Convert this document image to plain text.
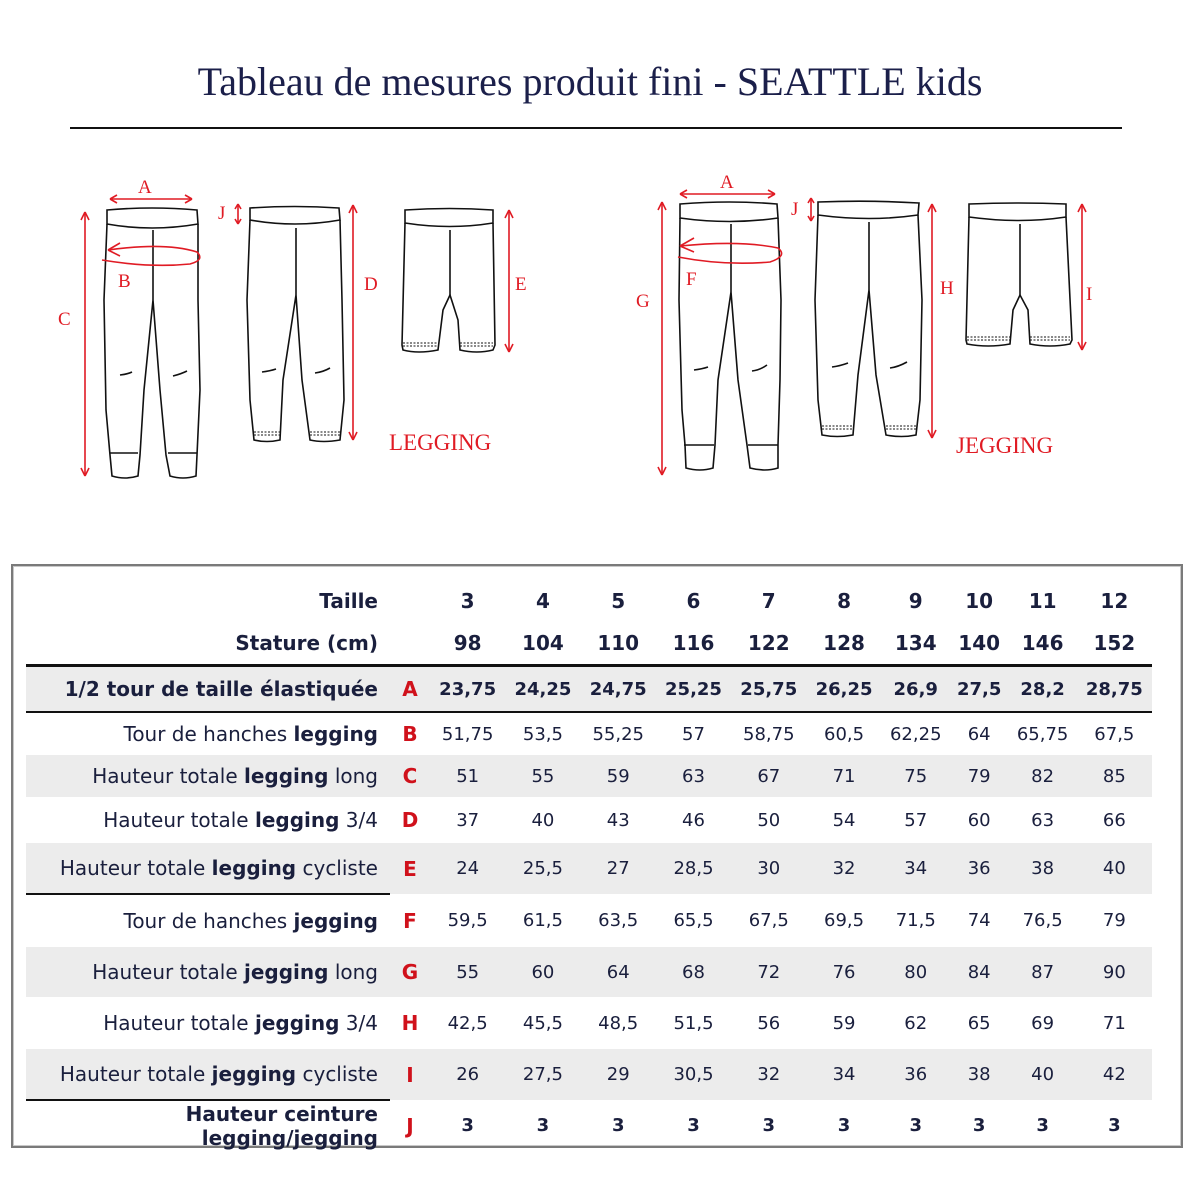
Tableau de mesures produit fini - SEATTLE kids
A
B
C
J
D	E
LEGGING
A
F
G
J
H	I
JEGGING
Taille		3	4	5	6	7	8	9	10	11	12
Stature (cm)		98	104	110	116	122	128	134	140	146	152
1/2 tour de taille élastiquée	A	23,75	24,25	24,75	25,25	25,75	26,25	26,9	27,5	28,2	28,75
Tour de hanches legging	B	51,75	53,5	55,25	57	58,75	60,5	62,25	64	65,75	67,5
Hauteur totale legging long	C	51	55	59	63	67	71	75	79	82	85
Hauteur totale legging 3/4	D	37	40	43	46	50	54	57	60	63	66
Hauteur totale legging cycliste	E	24	25,5	27	28,5	30	32	34	36	38	40
Tour de hanches jegging	F	59,5	61,5	63,5	65,5	67,5	69,5	71,5	74	76,5	79
Hauteur totale jegging long	G	55	60	64	68	72	76	80	84	87	90
Hauteur totale jegging 3/4	H	42,5	45,5	48,5	51,5	56	59	62	65	69	71
Hauteur totale jegging cycliste	I	26	27,5	29	30,5	32	34	36	38	40	42
Hauteur ceinture legging/jegging	J	3	3	3	3	3	3	3	3	3	3
